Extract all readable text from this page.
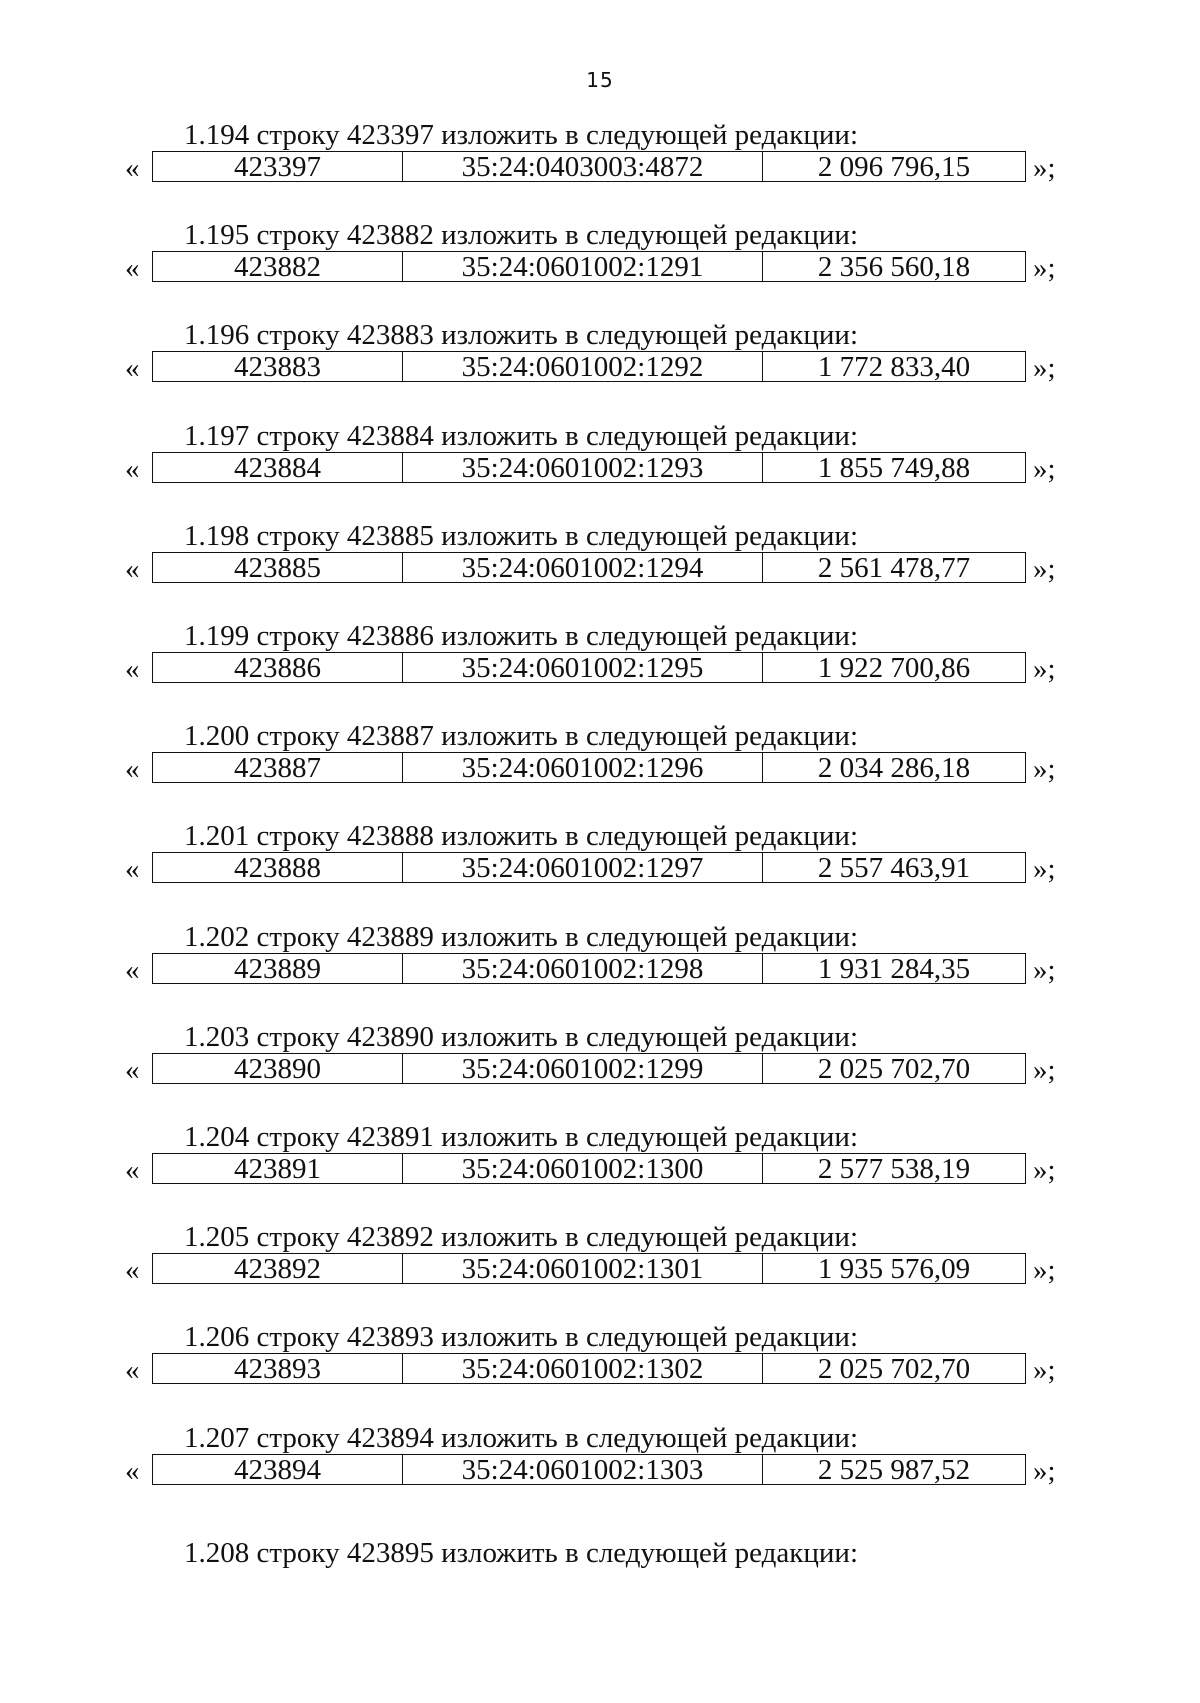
15
1.194 строку 423397 изложить в следующей редакции:
«	423397	35:24:0403003:4872	2 096 796,15	»;
1.195 строку 423882 изложить в следующей редакции:
«	423882	35:24:0601002:1291	2 356 560,18	»;
1.196 строку 423883 изложить в следующей редакции:
«	423883	35:24:0601002:1292	1 772 833,40	»;
1.197 строку 423884 изложить в следующей редакции:
«	423884	35:24:0601002:1293	1 855 749,88	»;
1.198 строку 423885 изложить в следующей редакции:
«	423885	35:24:0601002:1294	2 561 478,77	»;
1.199 строку 423886 изложить в следующей редакции:
«	423886	35:24:0601002:1295	1 922 700,86	»;
1.200 строку 423887 изложить в следующей редакции:
«	423887	35:24:0601002:1296	2 034 286,18	»;
1.201 строку 423888 изложить в следующей редакции:
«	423888	35:24:0601002:1297	2 557 463,91	»;
1.202 строку 423889 изложить в следующей редакции:
«	423889	35:24:0601002:1298	1 931 284,35	»;
1.203 строку 423890 изложить в следующей редакции:
«	423890	35:24:0601002:1299	2 025 702,70	»;
1.204 строку 423891 изложить в следующей редакции:
«	423891	35:24:0601002:1300	2 577 538,19	»;
1.205 строку 423892 изложить в следующей редакции:
«	423892	35:24:0601002:1301	1 935 576,09	»;
1.206 строку 423893 изложить в следующей редакции:
«	423893	35:24:0601002:1302	2 025 702,70	»;
1.207 строку 423894 изложить в следующей редакции:
«	423894	35:24:0601002:1303	2 525 987,52	»;
1.208 строку 423895 изложить в следующей редакции:
